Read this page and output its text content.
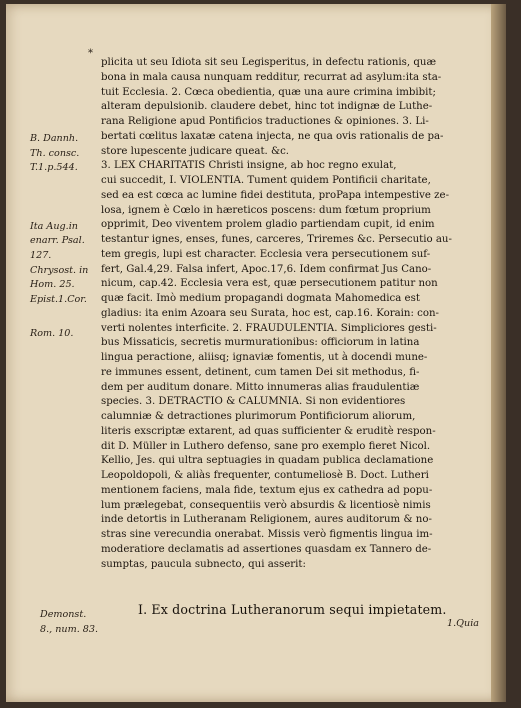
*

plicita ut seu Idiota sit seu Legisperitus, in defectu rationis, quæ
bona in mala causa nunquam redditur, recurrat ad asylum:ita sta-
tuit Ecclesia. 2. Cœca obedientia, quæ una aure crimina imbibit;
alteram depulsionib. claudere debet, hinc tot indignæ de Luthe-
rana Religione apud Pontificios traductiones & opiniones. 3. Li-
bertati cœlitus laxatæ catena injecta, ne qua ovis rationalis de pa-
store lupescente judicare queat. &c.
3. LEX CHARITATIS Christi insigne, ab hoc regno exulat,
cui succedit, I. VIOLENTIA. Tument quidem Pontificii charitate,
sed ea est cœca ac lumine fidei destituta, proPapa intempestive ze-
losa, ignem è Cœlo in hæreticos poscens: dum fœtum proprium
opprimit, Deo viventem prolem gladio partiendam cupit, id enim
testantur ignes, enses, funes, carceres, Triremes &c. Persecutio au-
tem gregis, lupi est character. Ecclesia vera persecutionem suf-
fert, Gal.4,29. Falsa infert, Apoc.17,6. Idem confirmat Jus Cano-
nicum, cap.42. Ecclesia vera est, quæ persecutionem patitur non
quæ facit. Imò medium propagandi dogmata Mahomedica est
gladius: ita enim Azoara seu Surata, hoc est, cap.16. Korain: con-
verti nolentes interficite. 2. FRAUDULENTIA. Simpliciores gesti-
bus Missaticis, secretis murmurationibus: officiorum in latina
lingua peractione, aliisq; ignaviæ fomentis, ut à docendi mune-
re immunes essent, detinent, cum tamen Dei sit methodus, fi-
dem per auditum donare. Mitto innumeras alias fraudulentiæ
species. 3. DETRACTIO & CALUMNIA. Si non evidentiores
calumniæ & detractiones plurimorum Pontificiorum aliorum,
literis exscriptæ extarent, ad quas sufficienter & eruditè respon-
dit D. Müller in Luthero defenso, sane pro exemplo fieret Nicol.
Kellio, Jes. qui ultra septuagies in quadam publica declamatione
Leopoldopoli, & aliàs frequenter, contumeliosè B. Doct. Lutheri
mentionem faciens, mala fide, textum ejus ex cathedra ad popu-
lum prælegebat, consequentiis verò absurdis & licentiosè nimis
inde detortis in Lutheranam Religionem, aures auditorum & no-
stras sine verecundia onerabat. Missis verò figmentis lingua im-
moderatiore declamatis ad assertiones quasdam ex Tannero de-
sumptas, paucula subnecto, qui asserit:

B. Dannh.
Th. consc.
T.1.p.544.
Ita Aug.in
enarr. Psal.
127.
Chrysost. in
Hom. 25.
Epist.1.Cor.
Rom. 10.
I. Ex doctrina Lutheranorum sequi impietatem.
Demonst.
8., num. 83.
1.Quia
